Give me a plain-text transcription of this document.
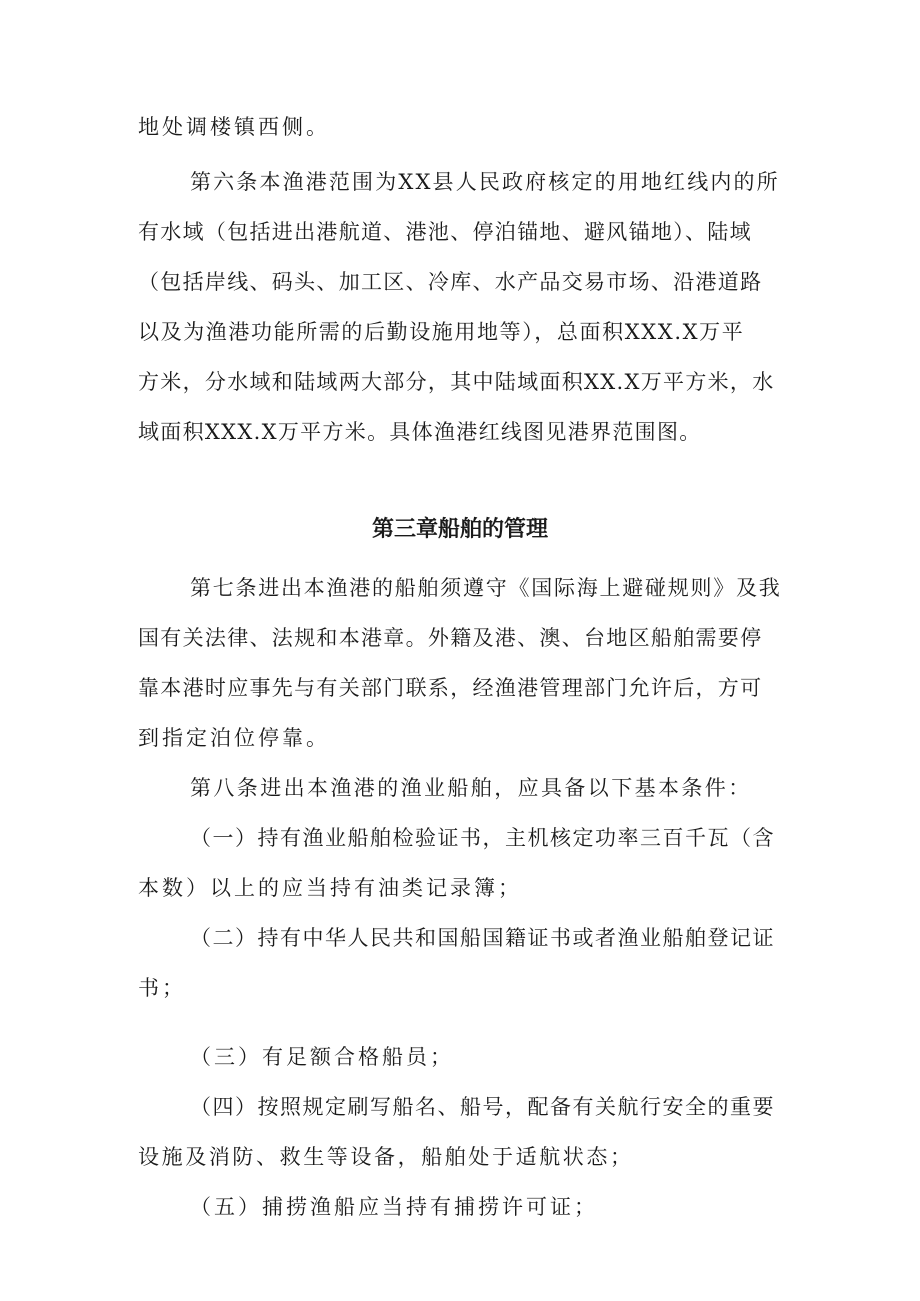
地处调楼镇西侧。
第六条本渔港范围为XX县人民政府核定的用地红线内的所
有水域（包括进出港航道、港池、停泊锚地、避风锚地）、陆域
（包括岸线、码头、加工区、冷库、水产品交易市场、沿港道路
以及为渔港功能所需的后勤设施用地等），总面积XXX.X万平
方米，分水域和陆域两大部分，其中陆域面积XX.X万平方米，水
域面积XXX.X万平方米。具体渔港红线图见港界范围图。
第三章船舶的管理
第七条进出本渔港的船舶须遵守《国际海上避碰规则》及我
国有关法律、法规和本港章。外籍及港、澳、台地区船舶需要停
靠本港时应事先与有关部门联系，经渔港管理部门允许后，方可
到指定泊位停靠。
第八条进出本渔港的渔业船舶，应具备以下基本条件：
（一）持有渔业船舶检验证书，主机核定功率三百千瓦（含
本数）以上的应当持有油类记录簿；
（二）持有中华人民共和国船国籍证书或者渔业船舶登记证
书；
（三）有足额合格船员；
（四）按照规定刷写船名、船号，配备有关航行安全的重要
设施及消防、救生等设备，船舶处于适航状态；
（五）捕捞渔船应当持有捕捞许可证；
